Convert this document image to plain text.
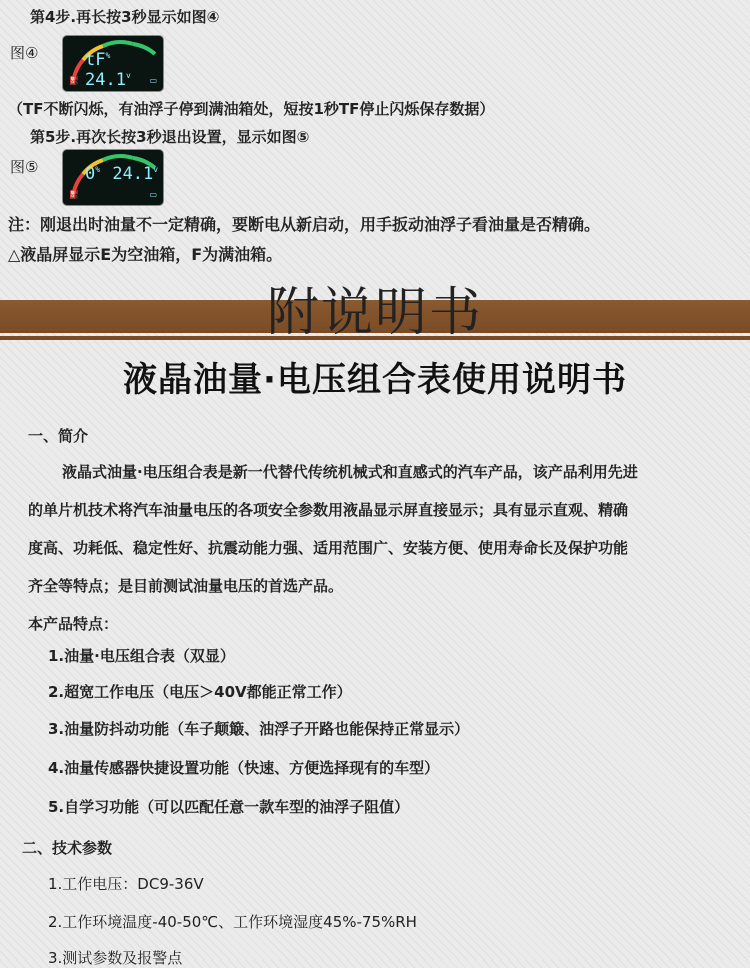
第4步.再长按3秒显示如图④
图④	tF% 24.1$^v$
⛽	▭
（TF不断闪烁，有油浮子停到满油箱处，短按1秒TF停止闪烁保存数据）
第5步.再次长按3秒退出设置，显示如图⑤
图⑤	0% 24.1$^v$
⛽	▭
注：刚退出时油量不一定精确，要断电从新启动，用手扳动油浮子看油量是否精确。
△液晶屏显示E为空油箱，F为满油箱。
附说明书
液晶油量·电压组合表使用说明书
一、简介
液晶式油量·电压组合表是新一代替代传统机械式和直感式的汽车产品，该产品利用先进
的单片机技术将汽车油量电压的各项安全参数用液晶显示屏直接显示；具有显示直观、精确
度高、功耗低、稳定性好、抗震动能力强、适用范围广、安装方便、使用寿命长及保护功能
齐全等特点；是目前测试油量电压的首选产品。
本产品特点：
1.油量·电压组合表（双显）
2.超宽工作电压（电压＞40V都能正常工作）
3.油量防抖动功能（车子颠簸、油浮子开路也能保持正常显示）
4.油量传感器快捷设置功能（快速、方便选择现有的车型）
5.自学习功能（可以匹配任意一款车型的油浮子阻值）
二、技术参数
1.工作电压：DC9-36V
2.工作环境温度-40-50℃、工作环境湿度45%-75%RH
3.测试参数及报警点
